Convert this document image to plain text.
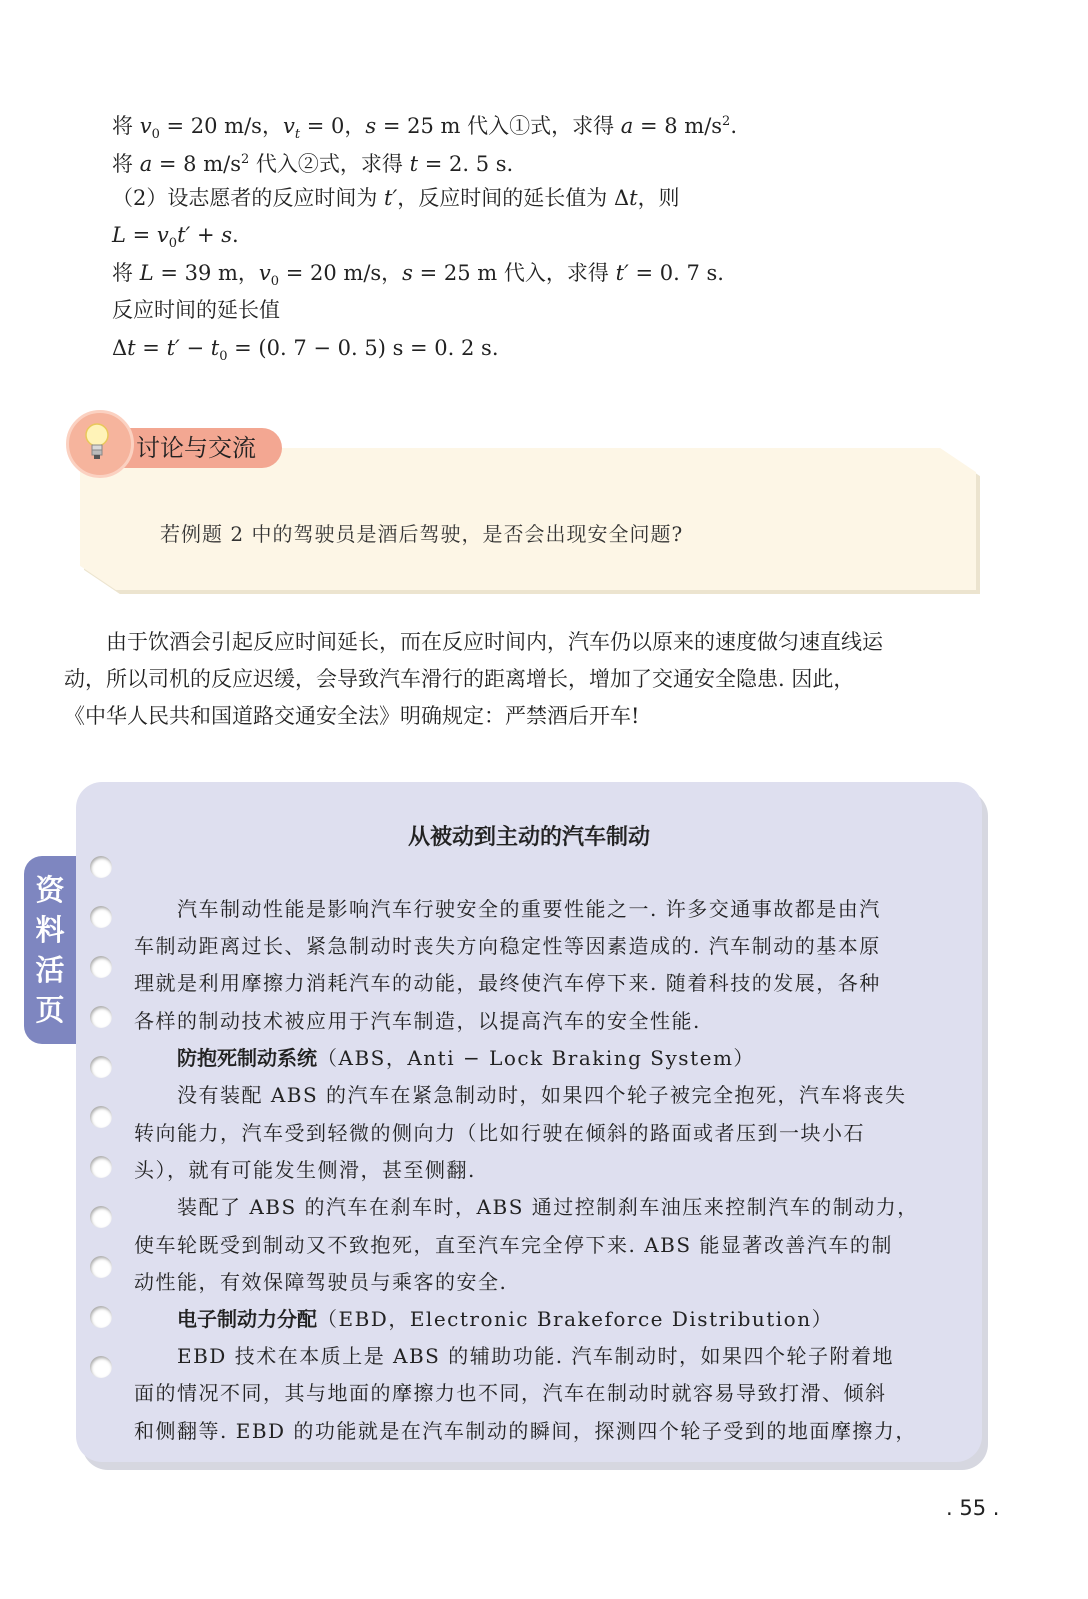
将 $v_0 = 20$ m/s，$v_t = 0$，s = 25 m 代入①式，求得 a = 8 $m/s^2$.
将 a = 8 $m/s^2$ 代入②式，求得 t = 2. 5 s.
（2）设志愿者的反应时间为 t′，反应时间的延长值为 Δt，则
$L = v_0t' + s$.
将 L = 39 m，$v_0 = 20$ m/s，s = 25 m 代入，求得 t′ = 0. 7 s.
反应时间的延长值
$\Delta t = t' - t_0 = (0$. 7 − 0. 5) s = 0. 2 s.
讨论与交流
若例题 2 中的驾驶员是酒后驾驶，是否会出现安全问题?
　　由于饮酒会引起反应时间延长，而在反应时间内，汽车仍以原来的速度做匀速直线运
动，所以司机的反应迟缓，会导致汽车滑行的距离增长，增加了交通安全隐患. 因此，
《中华人民共和国道路交通安全法》明确规定：严禁酒后开车!
资料活页
从被动到主动的汽车制动
　　汽车制动性能是影响汽车行驶安全的重要性能之一. 许多交通事故都是由汽
车制动距离过长、紧急制动时丧失方向稳定性等因素造成的. 汽车制动的基本原
理就是利用摩擦力消耗汽车的动能，最终使汽车停下来. 随着科技的发展，各种
各样的制动技术被应用于汽车制造，以提高汽车的安全性能.
　　防抱死制动系统（ABS，Anti − Lock Braking System）
　　没有装配 ABS 的汽车在紧急制动时，如果四个轮子被完全抱死，汽车将丧失
转向能力，汽车受到轻微的侧向力（比如行驶在倾斜的路面或者压到一块小石
头），就有可能发生侧滑，甚至侧翻.
　　装配了 ABS 的汽车在刹车时，ABS 通过控制刹车油压来控制汽车的制动力，
使车轮既受到制动又不致抱死，直至汽车完全停下来. ABS 能显著改善汽车的制
动性能，有效保障驾驶员与乘客的安全.
　　电子制动力分配（EBD，Electronic Brakeforce Distribution）
　　EBD 技术在本质上是 ABS 的辅助功能. 汽车制动时，如果四个轮子附着地
面的情况不同，其与地面的摩擦力也不同，汽车在制动时就容易导致打滑、倾斜
和侧翻等. EBD 的功能就是在汽车制动的瞬间，探测四个轮子受到的地面摩擦力，
. 55 .
